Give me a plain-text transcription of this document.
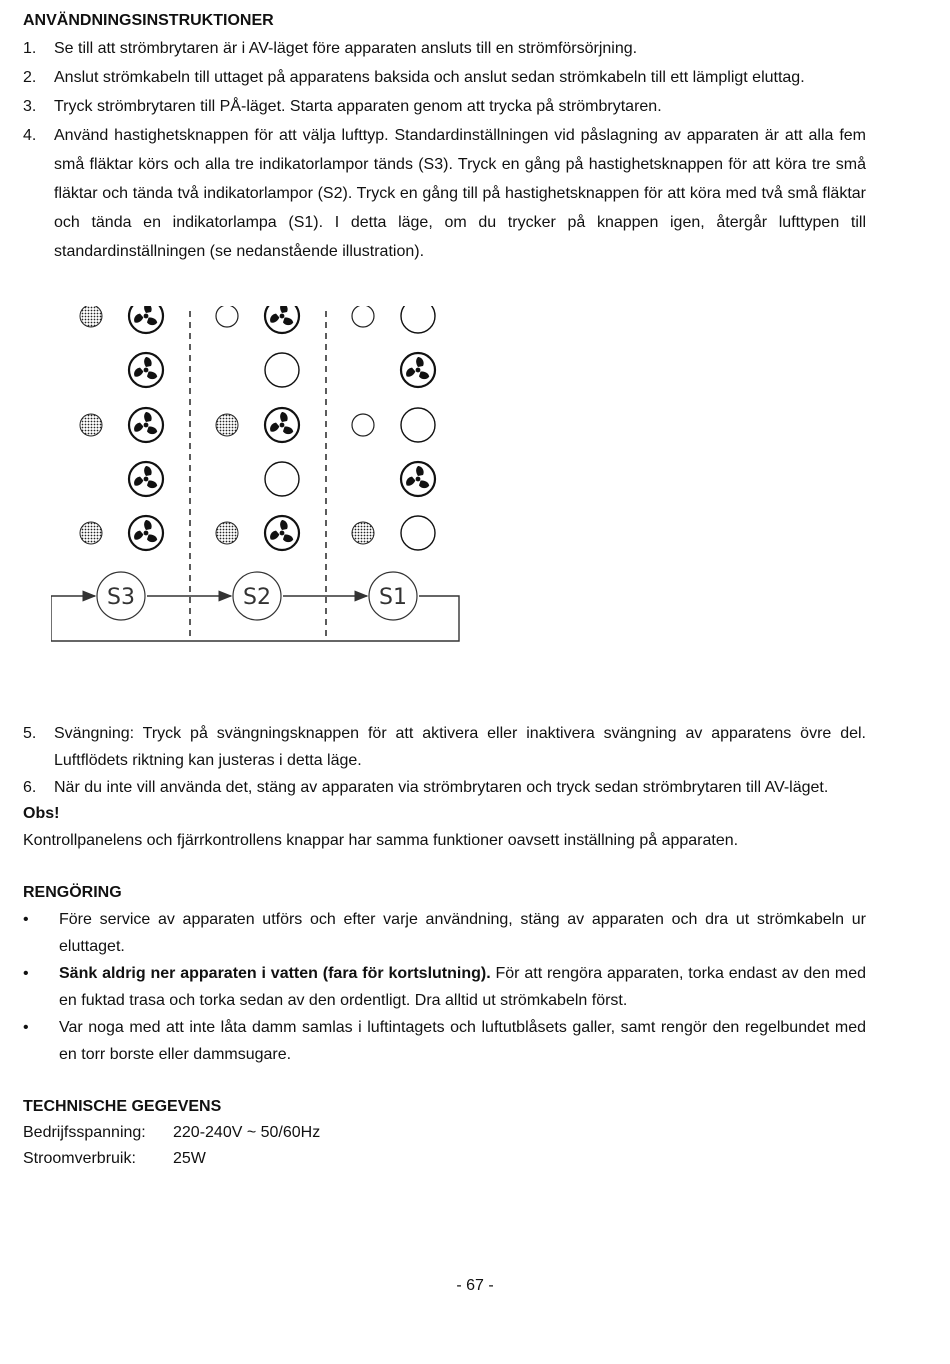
ANVÄNDNINGSINSTRUKTIONER
1.	Se till att strömbrytaren är i AV-läget före apparaten ansluts till en strömförsörjning.
2.	Anslut strömkabeln till uttaget på apparatens baksida och anslut sedan strömkabeln till ett lämpligt eluttag.
3.	Tryck strömbrytaren till PÅ-läget. Starta apparaten genom att trycka på strömbrytaren.
4.	Använd hastighetsknappen för att välja lufttyp. Standardinställningen vid påslagning av apparaten är att alla fem små fläktar körs och alla tre indikatorlampor tänds (S3). Tryck en gång på hastighetsknappen för att köra tre små fläktar och tända två indikatorlampor (S2). Tryck en gång till på hastighetsknappen för att köra med två små fläktar och tända en indikatorlampa (S1). I detta läge, om du trycker på knappen igen, återgår lufttypen till standardinställningen (se nedanstående illustration).
S3	S2	S1
5.	Svängning: Tryck på svängningsknappen för att aktivera eller inaktivera svängning av apparatens övre del. Luftflödets riktning kan justeras i detta läge.
6.	När du inte vill använda det, stäng av apparaten via strömbrytaren och tryck sedan strömbrytaren till AV-läget.
Obs!
Kontrollpanelens och fjärrkontrollens knappar har samma funktioner oavsett inställning på apparaten.
RENGÖRING
•	Före service av apparaten utförs och efter varje användning, stäng av apparaten och dra ut strömkabeln ur eluttaget.
•	Sänk aldrig ner apparaten i vatten (fara för kortslutning). För att rengöra apparaten, torka endast av den med en fuktad trasa och torka sedan av den ordentligt. Dra alltid ut strömkabeln först.
•	Var noga med att inte låta damm samlas i luftintagets och luftutblåsets galler, samt rengör den regelbundet med en torr borste eller dammsugare.
TECHNISCHE GEGEVENS
Bedrijfsspanning: 220-240V ~ 50/60Hz
Stroomverbruik: 25W
- 67 -
